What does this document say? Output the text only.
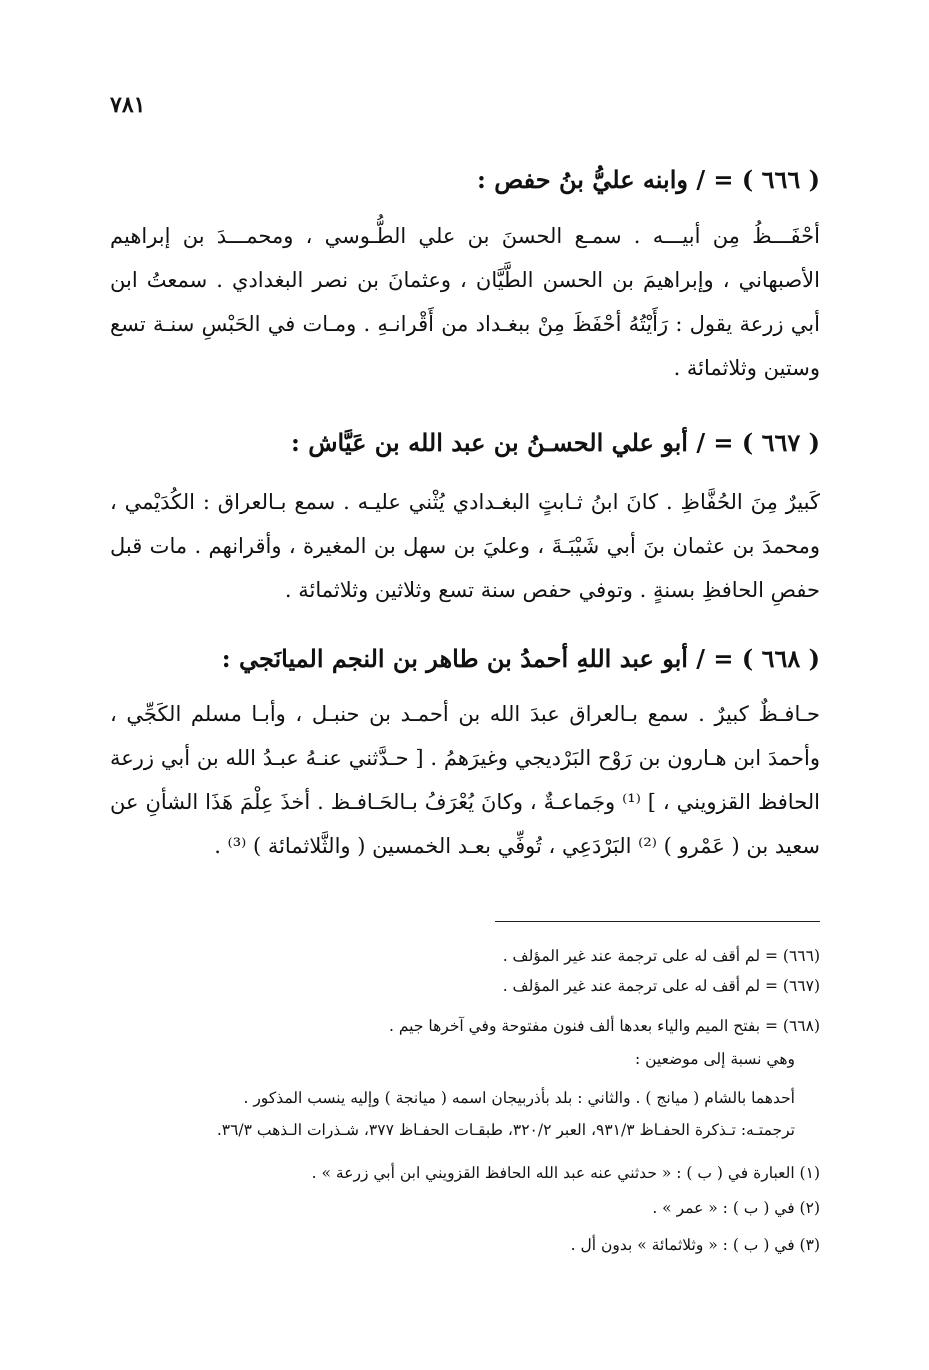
٧٨١
( ٦٦٦ ) = / وابنه عليُّ بنُ حفص :
أحْفَـــظُ مِن أبيـــه . سمـع الحسنَ بن علي الطُّـوسي ، ومحمـــدَ بن إبراهيم الأصبهاني ، وإبراهيمَ بن الحسن الطَّيَّان ، وعثمانَ بن نصر البغدادي . سمعتُ ابن أبي زرعة يقول : رَأَيْتُهُ أحْفَظَ مِنْ ببغـداد من أَقْرانـهِ . ومـات في الحَبْسِ سنـة تسع وستين وثلاثمائة .
( ٦٦٧ ) = / أبو علي الحسـنُ بن عبد الله بن عَيَّاش :
كَبيرٌ مِنَ الحُفَّاظِ . كانَ ابنُ ثـابتٍ البغـدادي يُثْني عليـه . سمع بـالعراق : الكُدَيْمي ، ومحمدَ بن عثمان بنَ أبي شَيْبَـةَ ، وعليَ بن سهل بن المغيرة ، وأقرانهم . مات قبل حفصِ الحافظِ بسنةٍ . وتوفي حفص سنة تسع وثلاثين وثلاثمائة .
( ٦٦٨ ) = / أبو عبد اللهِ أحمدُ بن طاهر بن النجم الميانَجي :
حـافـظٌ كبيرٌ . سمع بـالعراق عبدَ الله بن أحمـد بن حنبـل ، وأبـا مسلم الكَجِّي ، وأحمدَ ابن هـارون بن رَوْح البَرْديجي وغيرَهمُ . [ حـدَّثني عنـهُ عبـدُ الله بن أبي زرعة الحافظ القزويني ، ] ⁽¹⁾ وجَماعـةٌ ، وكانَ يُعْرَفُ بـالحَـافـظ . أخذَ عِلْمَ هَذَا الشأنِ عن سعيد بن ( عَمْرو ) ⁽²⁾ البَرْدَعِي ، تُوفِّي بعـد الخمسين ( والثَّلاثمائة ) ⁽³⁾ .
(٦٦٦) = لم أقف له على ترجمة عند غير المؤلف .
(٦٦٧) = لم أقف له على ترجمة عند غير المؤلف .
(٦٦٨) = بفتح الميم والياء بعدها ألف فنون مفتوحة وفي آخرها جيم .
وهي نسبة إلى موضعين :
أحدهما بالشام ( ميانج ) . والثاني : بلد بأذربيجان اسمه ( ميانجة ) وإليه ينسب المذكور .
ترجمتـه: تـذكرة الحفـاظ ٩٣١/٣، العبر ٣٢٠/٢، طبقـات الحفـاظ ٣٧٧، شـذرات الـذهب ٣٦/٣.
(١) العبارة في ( ب ) : « حدثني عنه عبد الله الحافظ القزويني ابن أبي زرعة » .
(٢) في ( ب ) : « عمر » .
(٣) في ( ب ) : « وثلاثمائة » بدون أل .
